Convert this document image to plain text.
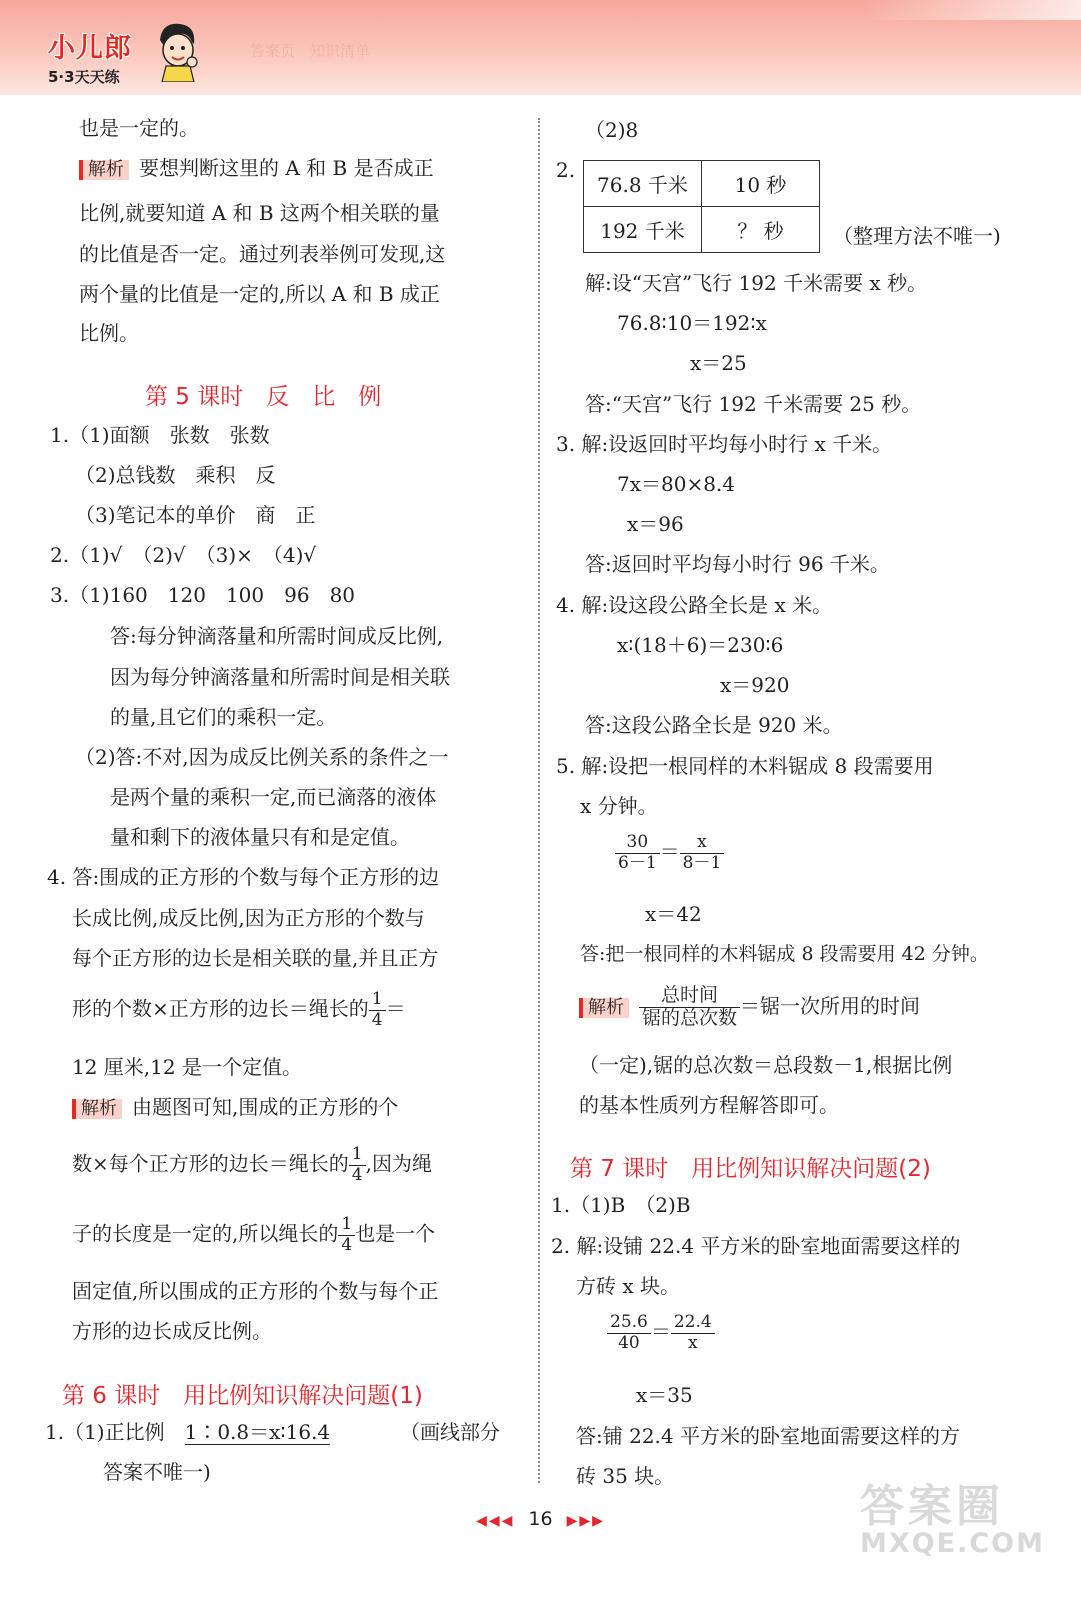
小儿郎
5·3天天练
答案页　知识清单
也是一定的。
解析 要想判断这里的 A 和 B 是否成正
比例,就要知道 A 和 B 这两个相关联的量
的比值是否一定。通过列表举例可发现,这
两个量的比值是一定的,所以 A 和 B 成正
比例。
第 5 课时　反　比　例
1.（1)面额　张数　张数
（2)总钱数　乘积　反
（3)笔记本的单价　商　正
2.（1)√　（2)√　（3)×　（4)√
3.（1)160　120　100　96　80
答:每分钟滴落量和所需时间成反比例,
因为每分钟滴落量和所需时间是相关联
的量,且它们的乘积一定。
（2)答:不对,因为成反比例关系的条件之一
是两个量的乘积一定,而已滴落的液体
量和剩下的液体量只有和是定值。
4. 答:围成的正方形的个数与每个正方形的边
长成比例,成反比例,因为正方形的个数与
每个正方形的边长是相关联的量,并且正方
形的个数×正方形的边长＝绳长的 $\frac{1}{4}$ ＝
12 厘米,12 是一个定值。
解析 由题图可知,围成的正方形的个
数×每个正方形的边长＝绳长的 $\frac{1}{4}$ ,因为绳
子的长度是一定的,所以绳长的 $\frac{1}{4}$ 也是一个
固定值,所以围成的正方形的个数与每个正
方形的边长成反比例。
第 6 课时　用比例知识解决问题(1)
1.（1)正比例　1∶0.8＝x∶16.4	（画线部分
答案不唯一)
（2)8
2.
76.8 千米	10 秒
192 千米	？ 秒 （整理方法不唯一)
解:设“天宫”飞行 192 千米需要 x 秒。
76.8∶10＝192∶x
x＝25
答:“天宫”飞行 192 千米需要 25 秒。
3. 解:设返回时平均每小时行 x 千米。
7x＝80×8.4
x＝96
答:返回时平均每小时行 96 千米。
4. 解:设这段公路全长是 x 米。
x∶(18＋6)＝230∶6
x＝920
答:这段公路全长是 920 米。
5. 解:设把一根同样的木料锯成 8 段需要用
x 分钟。
$\frac{30}{6-1} = \frac{x}{8-1}$
x＝42
答:把一根同样的木料锯成 8 段需要用 42 分钟。
解析 $\frac{\text{总时间}}{\text{锯的总次数}}$ ＝锯一次所用的时间
（一定),锯的总次数＝总段数－1,根据比例
的基本性质列方程解答即可。
第 7 课时　用比例知识解决问题(2)
1.（1)B　（2)B
2. 解:设铺 22.4 平方米的卧室地面需要这样的
方砖 x 块。
$\frac{25.6}{40} = \frac{22.4}{x}$
x＝35
答:铺 22.4 平方米的卧室地面需要这样的方
砖 35 块。
◀◀◀ 16 ▶▶▶	答案圈
MXQE.COM
